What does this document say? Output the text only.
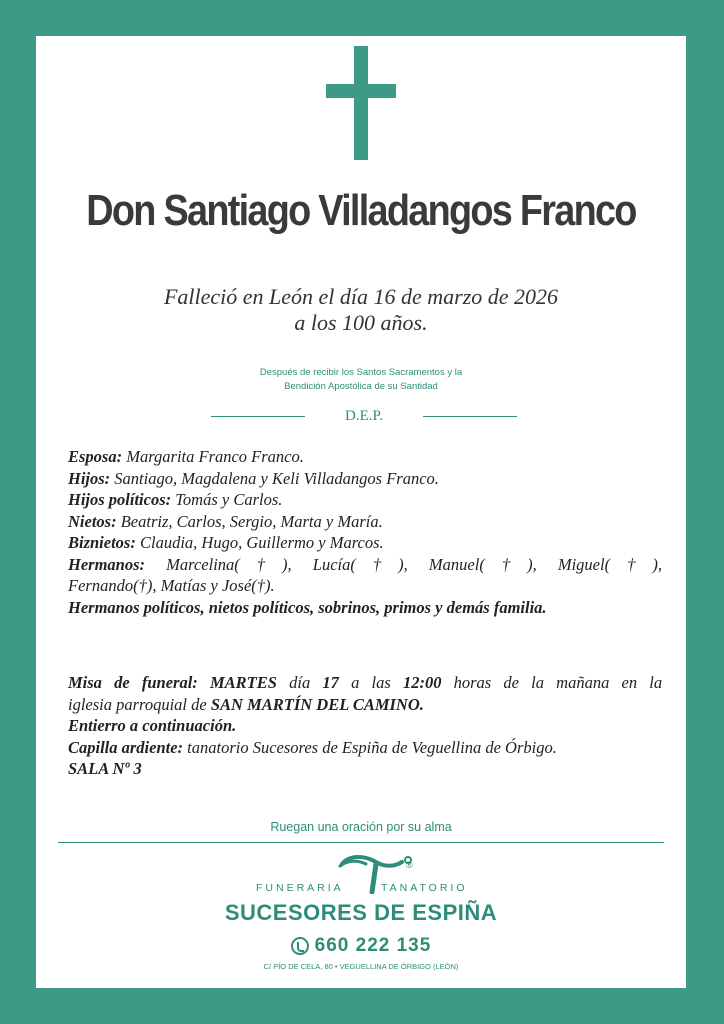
Don Santiago Villadangos Franco
Falleció en León el día 16 de marzo de 2026
a los 100 años.
Después de recibir los Santos Sacramentos y la
Bendición Apostólica de su Santidad
D.E.P.
Esposa: Margarita Franco Franco.
Hijos: Santiago, Magdalena y Keli Villadangos Franco.
Hijos políticos: Tomás y Carlos.
Nietos: Beatriz, Carlos, Sergio, Marta y María.
Biznietos: Claudia, Hugo, Guillermo y Marcos.
Hermanos: Marcelina(†), Lucía(†), Manuel(†), Miguel(†),
Fernando(†), Matías y José(†).
Hermanos políticos, nietos políticos, sobrinos, primos y demás familia.
Misa de funeral: MARTES día 17 a las 12:00 horas de la mañana en la
iglesia parroquial de SAN MARTÍN DEL CAMINO.
Entierro a continuación.
Capilla ardiente: tanatorio Sucesores de Espiña de Veguellina de Órbigo.
SALA Nº 3
Ruegan una oración por su alma
®
FUNERARIA	TANATORIO
SUCESORES DE ESPIÑA
660 222 135
C/ PÍO DE CELA, 80 • VEGUELLINA DE ÓRBIGO (LEÓN)
